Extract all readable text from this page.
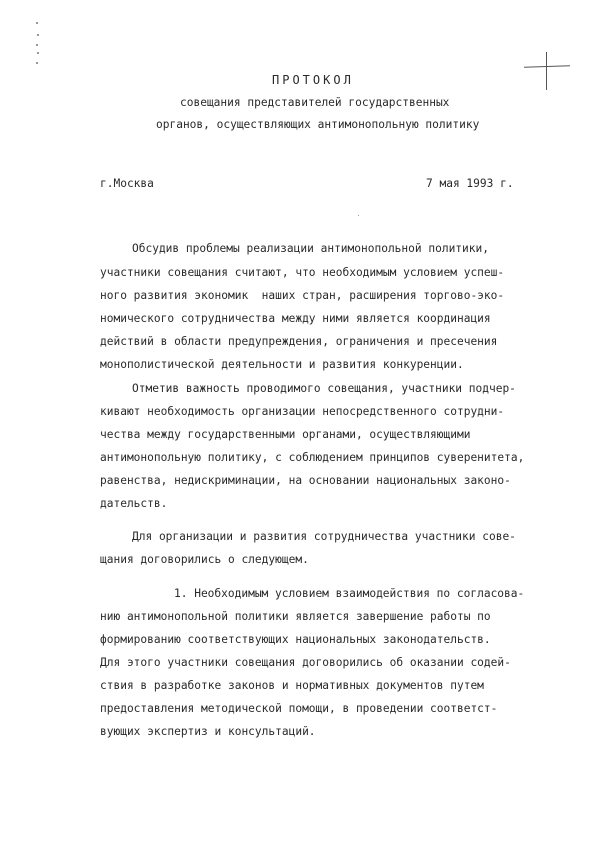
ПРОТОКОЛ
совещания представителей государственных
органов, осуществляющих антимонопольную политику
г.Москва	7 мая 1993 г.
Обсудив проблемы реализации антимонопольной политики,
участники совещания считают, что необходимым условием успеш-
ного развития экономик  наших стран, расширения торгово-эко-
номического сотрудничества между ними является координация
действий в области предупреждения, ограничения и пресечения
монополистической деятельности и развития конкуренции.
Отметив важность проводимого совещания, участники подчер-
кивают необходимость организации непосредственного сотрудни-
чества между государственными органами, осуществляющими
антимонопольную политику, с соблюдением принципов суверенитета,
равенства, недискриминации, на основании национальных законо-
дательств.
Для организации и развития сотрудничества участники сове-
щания договорились о следующем.
1. Необходимым условием взаимодействия по согласова-
нию антимонопольной политики является завершение работы по
формированию соответствующих национальных законодательств.
Для этого участники совещания договорились об оказании содей-
ствия в разработке законов и нормативных документов путем
предоставления методической помощи, в проведении соответст-
вующих экспертиз и консультаций.
